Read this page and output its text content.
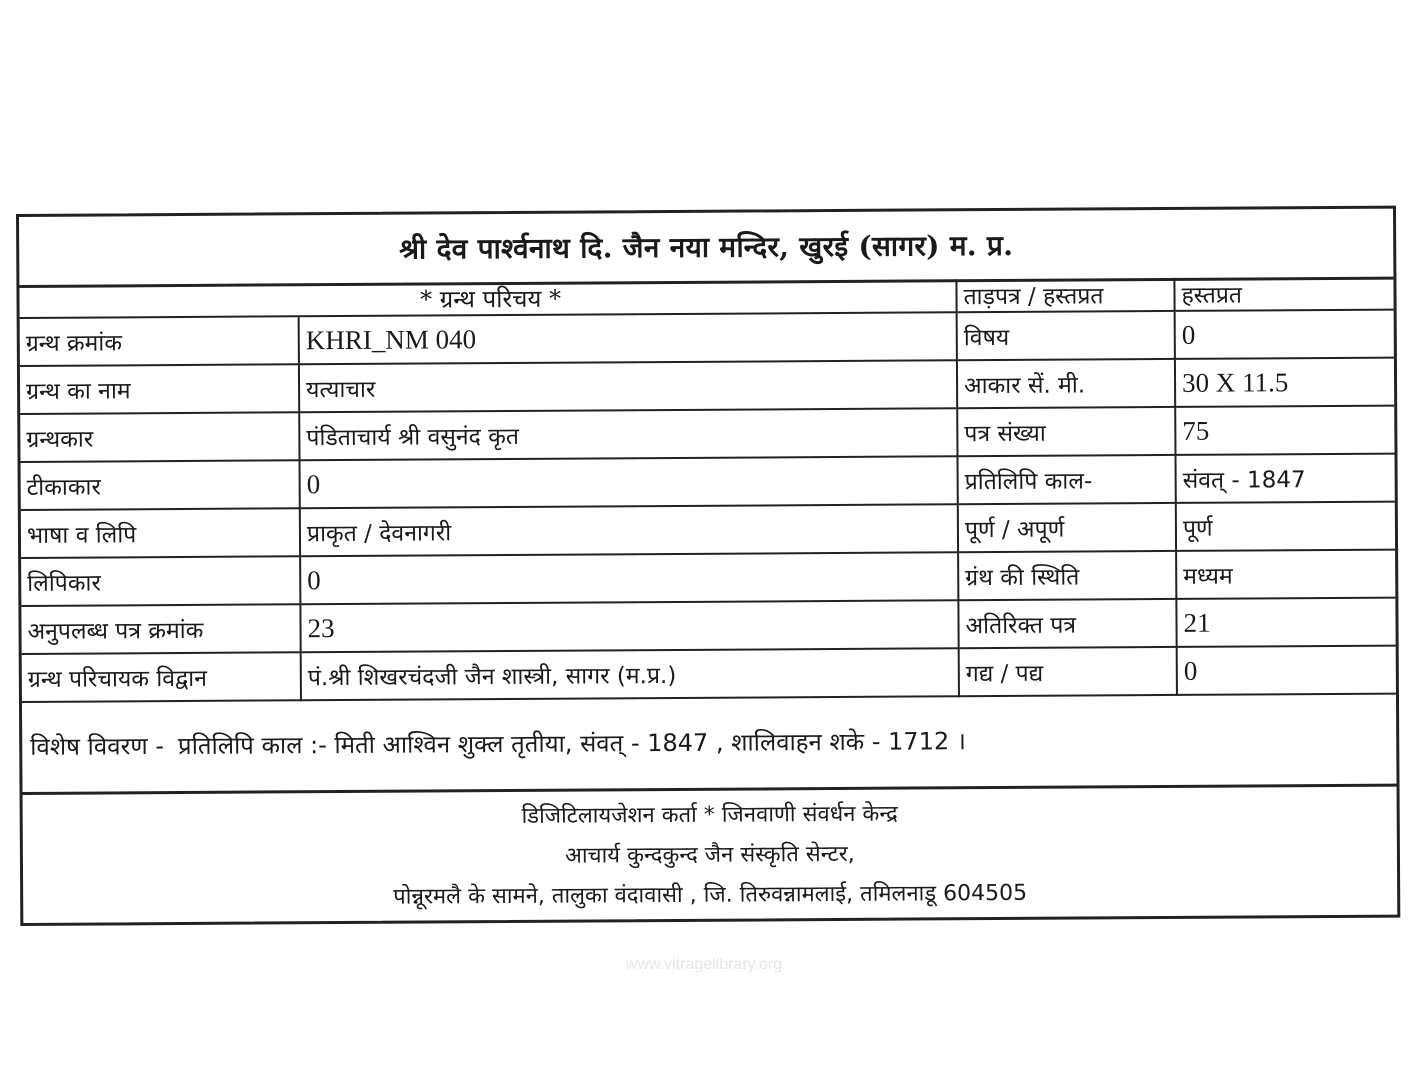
श्री देव पार्श्वनाथ दि. जैन नया मन्दिर, खुरई (सागर) म. प्र.
* ग्रन्थ परिचय *	ताड़पत्र / हस्तप्रत	हस्तप्रत
ग्रन्थ क्रमांक	KHRI_NM 040	विषय	0
ग्रन्थ का नाम	यत्याचार	आकार सें. मी.	30 X 11.5
ग्रन्थकार	पंडिताचार्य श्री वसुनंद कृत	पत्र संख्या	75
टीकाकार	0	प्रतिलिपि काल-	संवत् - 1847
भाषा व लिपि	प्राकृत / देवनागरी	पूर्ण / अपूर्ण	पूर्ण
लिपिकार	0	ग्रंथ की स्थिति	मध्यम
अनुपलब्ध पत्र क्रमांक	23	अतिरिक्त पत्र	21
ग्रन्थ परिचायक विद्वान	पं.श्री शिखरचंदजी जैन शास्त्री, सागर (म.प्र.)	गद्य / पद्य	0
विशेष विवरण - प्रतिलिपि काल :- मिती आश्विन शुक्ल तृतीया, संवत् - 1847 , शालिवाहन शके - 1712 ।
डिजिटिलायजेशन कर्ता * जिनवाणी संवर्धन केन्द्र
आचार्य कुन्दकुन्द जैन संस्कृति सेन्टर,
पोन्नूरमलै के सामने, तालुका वंदावासी , जि. तिरुवन्नामलाई, तमिलनाडू 604505
www.vitragelibrary.org
